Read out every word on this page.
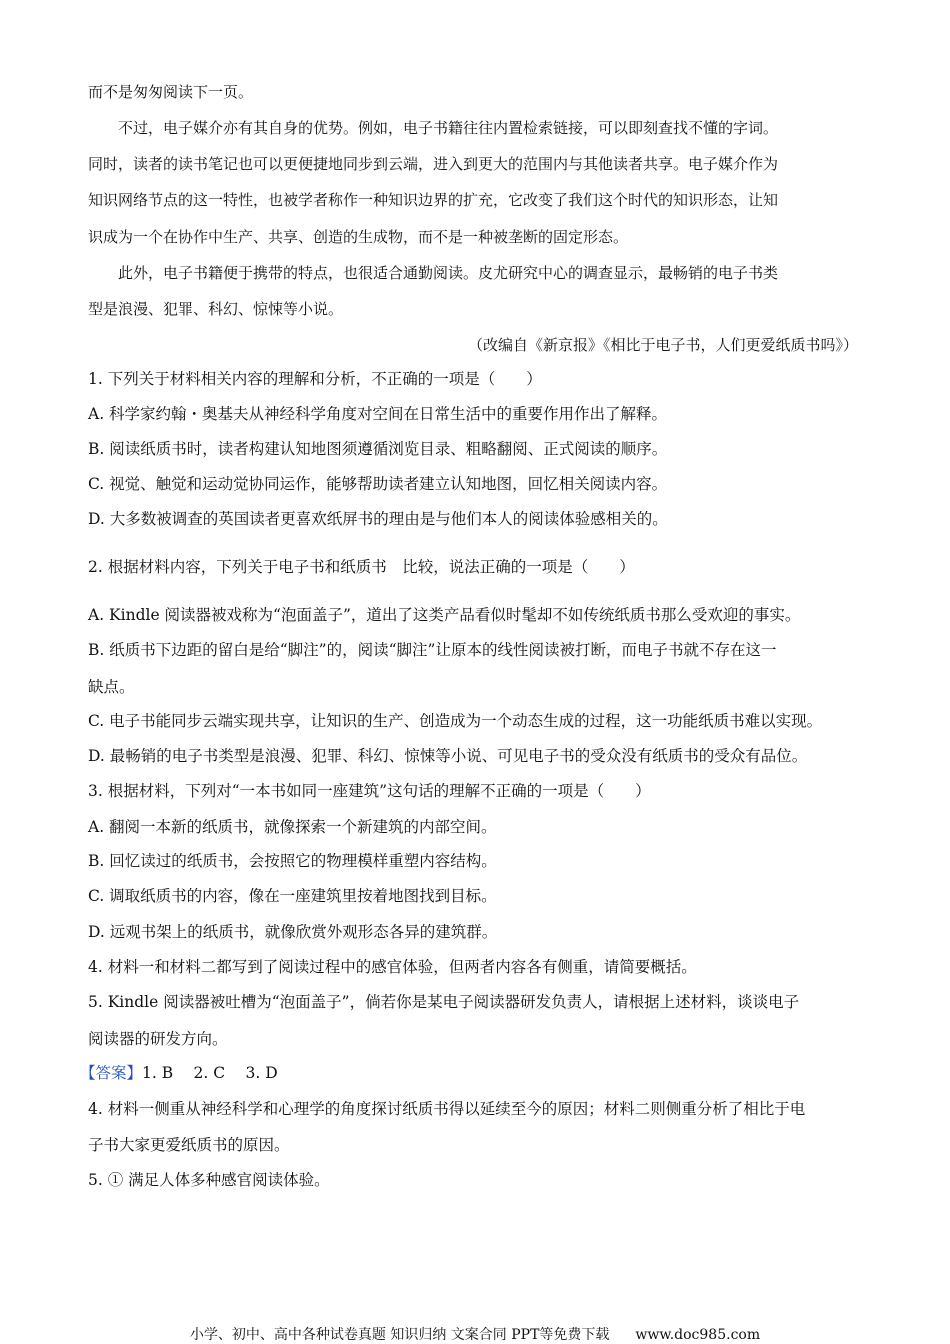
而不是匆匆阅读下一页。
不过，电子媒介亦有其自身的优势。例如，电子书籍往往内置检索链接，可以即刻查找不懂的字词。
同时，读者的读书笔记也可以更便捷地同步到云端，进入到更大的范围内与其他读者共享。电子媒介作为
知识网络节点的这一特性，也被学者称作一种知识边界的扩充，它改变了我们这个时代的知识形态，让知
识成为一个在协作中生产、共享、创造的生成物，而不是一种被垄断的固定形态。
此外，电子书籍便于携带的特点，也很适合通勤阅读。皮尤研究中心的调查显示，最畅销的电子书类
型是浪漫、犯罪、科幻、惊悚等小说。
（改编自《新京报》《相比于电子书，人们更爱纸质书吗》）
1. 下列关于材料相关内容的理解和分析，不正确的一项是（　　）
A. 科学家约翰・奥基夫从神经科学角度对空间在日常生活中的重要作用作出了解释。
B. 阅读纸质书时，读者构建认知地图须遵循浏览目录、粗略翻阅、正式阅读的顺序。
C. 视觉、触觉和运动觉协同运作，能够帮助读者建立认知地图，回忆相关阅读内容。
D. 大多数被调查的英国读者更喜欢纸屏书的理由是与他们本人的阅读体验感相关的。
2. 根据材料内容，下列关于电子书和纸质书　比较，说法正确的一项是（　　）
A. Kindle 阅读器被戏称为“泡面盖子”，道出了这类产品看似时髦却不如传统纸质书那么受欢迎的事实。
B. 纸质书下边距的留白是给“脚注”的，阅读“脚注”让原本的线性阅读被打断，而电子书就不存在这一
缺点。
C. 电子书能同步云端实现共享，让知识的生产、创造成为一个动态生成的过程，这一功能纸质书难以实现。
D. 最畅销的电子书类型是浪漫、犯罪、科幻、惊悚等小说、可见电子书的受众没有纸质书的受众有品位。
3. 根据材料，下列对“一本书如同一座建筑”这句话的理解不正确的一项是（　　）
A. 翻阅一本新的纸质书，就像探索一个新建筑的内部空间。
B. 回忆读过的纸质书，会按照它的物理模样重塑内容结构。
C. 调取纸质书的内容，像在一座建筑里按着地图找到目标。
D. 远观书架上的纸质书，就像欣赏外观形态各异的建筑群。
4. 材料一和材料二都写到了阅读过程中的感官体验，但两者内容各有侧重，请简要概括。
5. Kindle 阅读器被吐槽为“泡面盖子”，倘若你是某电子阅读器研发负责人，请根据上述材料，谈谈电子
阅读器的研发方向。
【答案】1. B　 2. C　 3. D
4. 材料一侧重从神经科学和心理学的角度探讨纸质书得以延续至今的原因；材料二则侧重分析了相比于电
子书大家更爱纸质书的原因。
5. ① 满足人体多种感官阅读体验。
小学、初中、高中各种试卷真题 知识归纳 文案合同 PPT等免费下载 www.doc985.com
